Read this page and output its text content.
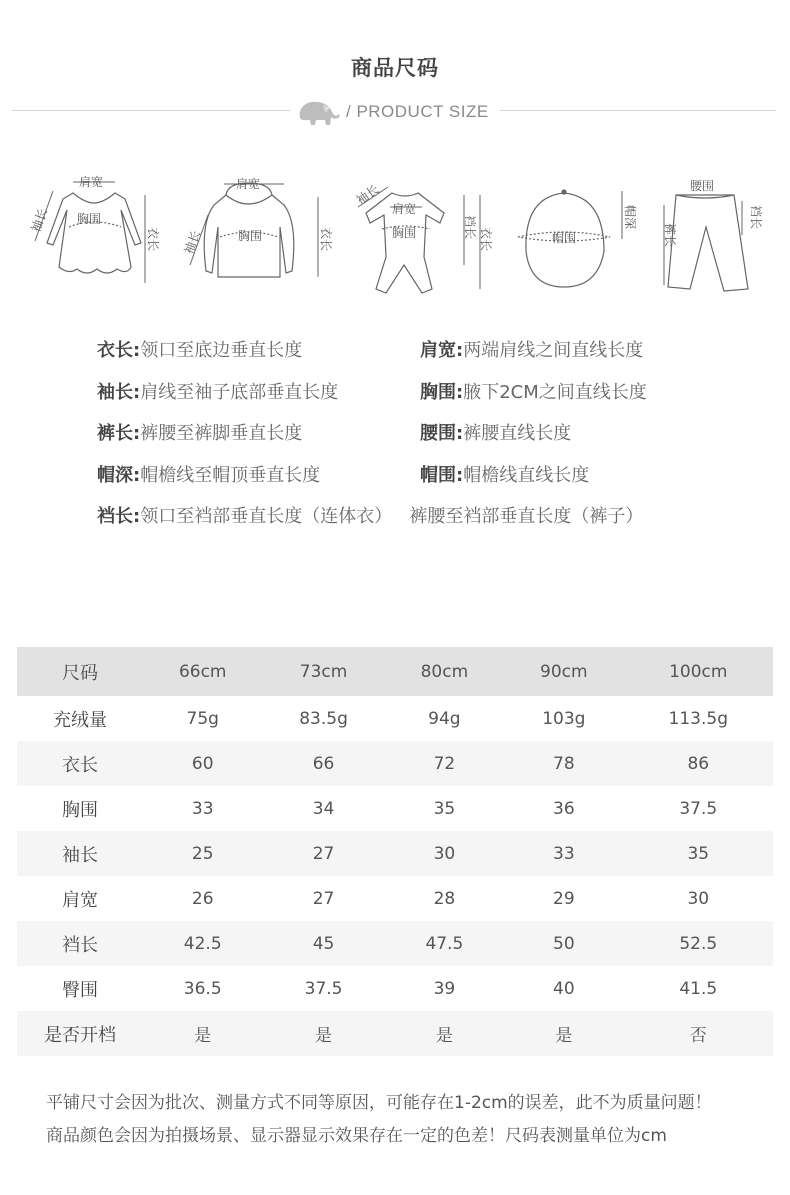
商品尺码
/ PRODUCT SIZE
肩宽
胸围
袖长
衣长
肩宽
胸围
袖长	衣长
袖长
肩宽
胸围	裆长 衣长	帽围
帽深
腰围
裤长
裆长
衣长:领口至底边垂直长度	肩宽:两端肩线之间直线长度
袖长:肩线至袖子底部垂直长度	胸围:腋下2CM之间直线长度
裤长:裤腰至裤脚垂直长度	腰围:裤腰直线长度
帽深:帽檐线至帽顶垂直长度	帽围:帽檐线直线长度
裆长:领口至裆部垂直长度（连体衣）   裤腰至裆部垂直长度（裤子）
尺码	66cm	73cm	80cm	90cm	100cm
充绒量	75g	83.5g	94g	103g	113.5g
衣长	60	66	72	78	86
胸围	33	34	35	36	37.5
袖长	25	27	30	33	35
肩宽	26	27	28	29	30
裆长	42.5	45	47.5	50	52.5
臀围	36.5	37.5	39	40	41.5
是否开档	是	是	是	是	否
平铺尺寸会因为批次、测量方式不同等原因，可能存在1-2cm的误差，此不为质量问题！
商品颜色会因为拍摄场景、显示器显示效果存在一定的色差！尺码表测量单位为cm
